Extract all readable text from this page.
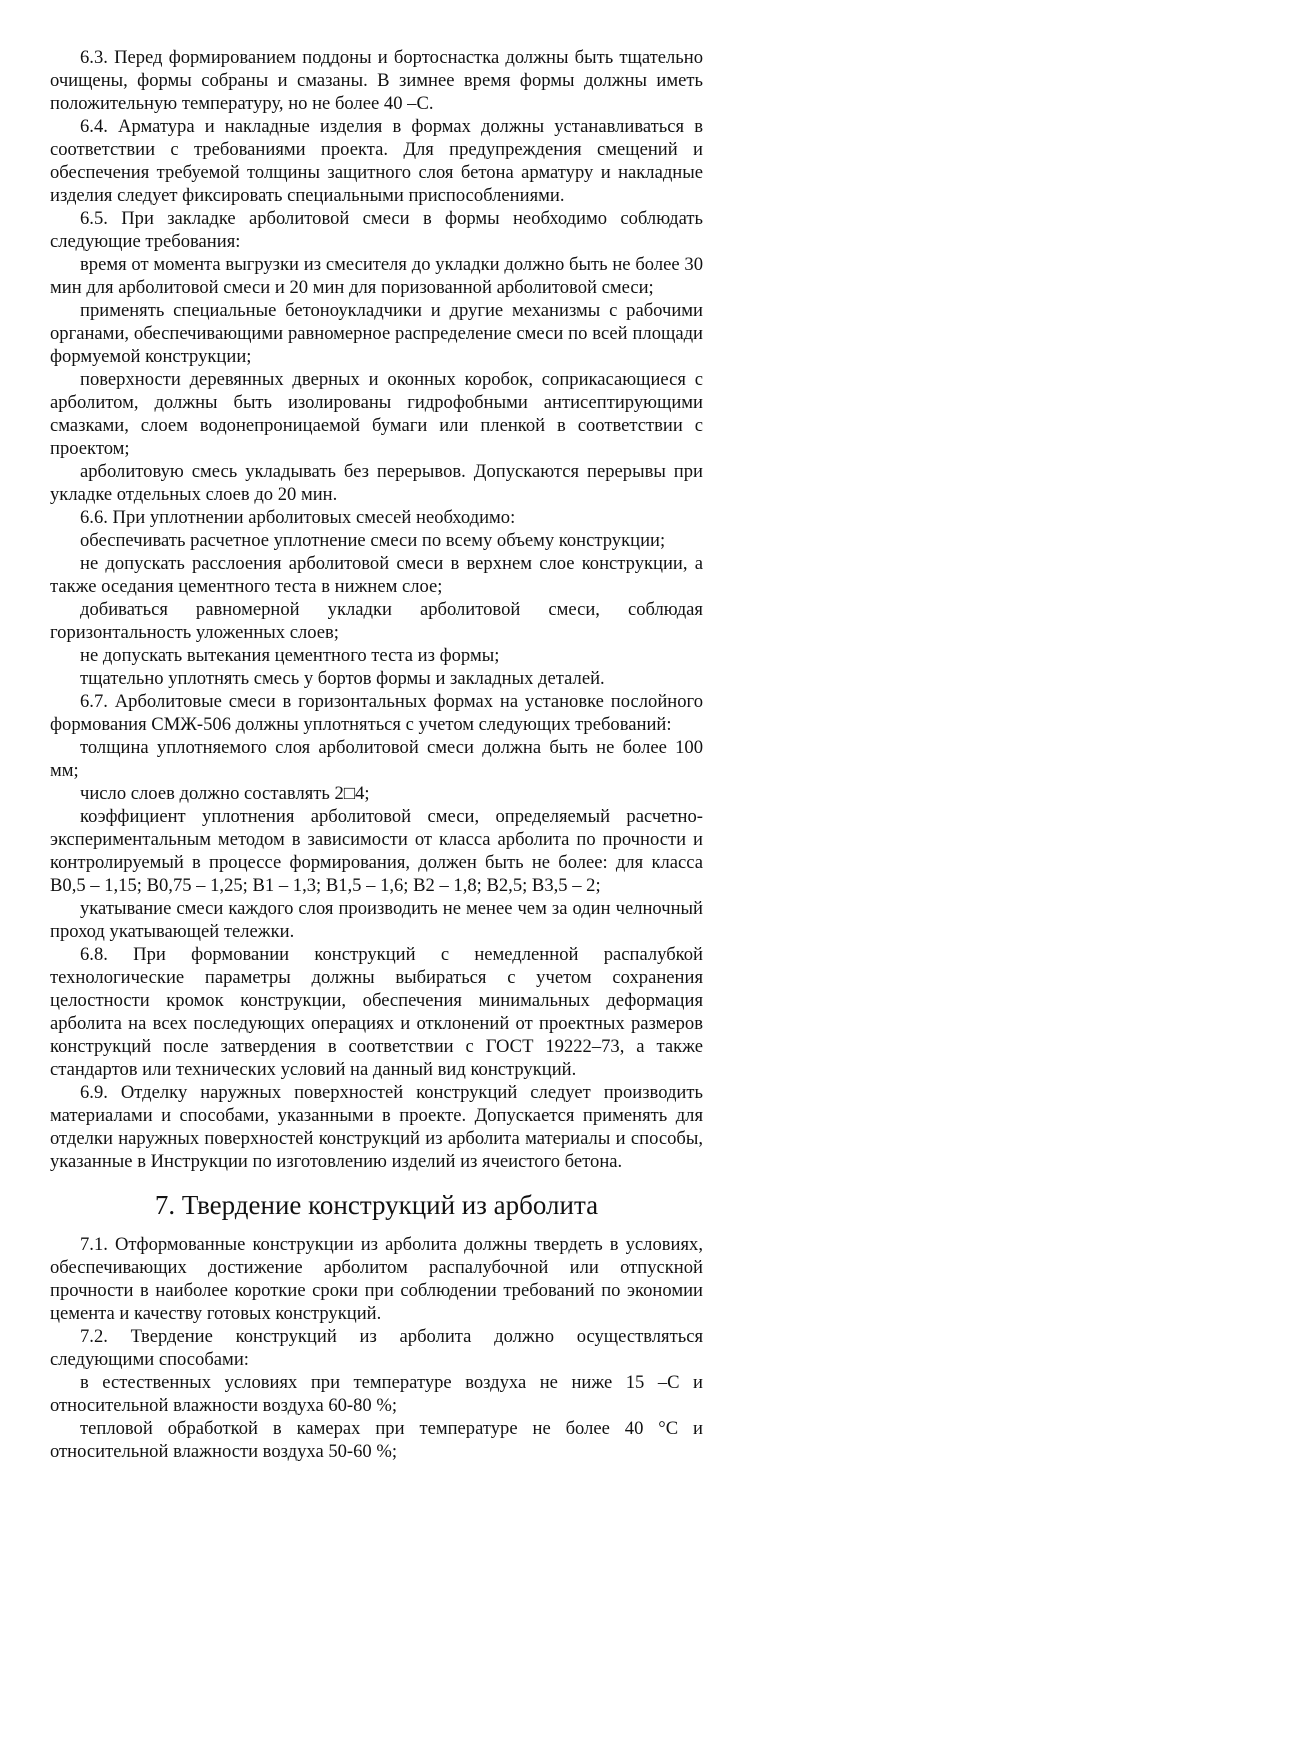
6.3. Перед формированием поддоны и бортоснастка должны быть тщательно очищены, формы собраны и смазаны. В зимнее время формы должны иметь положительную температуру, но не более 40 –С.

6.4. Арматура и накладные изделия в формах должны устанавливаться в соответствии с требованиями проекта. Для предупреждения смещений и обеспечения требуемой толщины защитного слоя бетона арматуру и накладные изделия следует фиксировать специальными приспособлениями.

6.5. При закладке арболитовой смеси в формы необходимо соблюдать следующие требования:

время от момента выгрузки из смесителя до укладки должно быть не более 30 мин для арболитовой смеси и 20 мин для поризованной арболитовой смеси;

применять специальные бетоноукладчики и другие механизмы с рабочими органами, обеспечивающими равномерное распределение смеси по всей площади формуемой конструкции;

поверхности деревянных дверных и оконных коробок, соприкасающиеся с арболитом, должны быть изолированы гидрофобными антисептирующими смазками, слоем водонепроницаемой бумаги или пленкой в соответствии с проектом;

арболитовую смесь укладывать без перерывов. Допускаются перерывы при укладке отдельных слоев до 20 мин.

6.6. При уплотнении арболитовых смесей необходимо:

обеспечивать расчетное уплотнение смеси по всему объему конструкции;

не допускать расслоения арболитовой смеси в верхнем слое конструкции, а также оседания цементного теста в нижнем слое;

добиваться равномерной укладки арболитовой смеси, соблюдая горизонтальность уложенных слоев;

не допускать вытекания цементного теста из формы;

тщательно уплотнять смесь у бортов формы и закладных деталей.

6.7. Арболитовые смеси в горизонтальных формах на установке послойного формования СМЖ-506 должны уплотняться с учетом следующих требований:

толщина уплотняемого слоя арболитовой смеси должна быть не более 100 мм;

число слоев должно составлять 2□4;

коэффициент уплотнения арболитовой смеси, определяемый расчетно-экспериментальным методом в зависимости от класса арболита по прочности и контролируемый в процессе формирования, должен быть не более: для класса В0,5 – 1,15; В0,75 – 1,25; В1 – 1,3; В1,5 – 1,6; В2 – 1,8; В2,5; В3,5 – 2;

укатывание смеси каждого слоя производить не менее чем за один челночный проход укатывающей тележки.

6.8. При формовании конструкций с немедленной распалубкой технологические параметры должны выбираться с учетом сохранения целостности кромок конструкции, обеспечения минимальных деформация арболита на всех последующих операциях и отклонений от проектных размеров конструкций после затвердения в соответствии с ГОСТ 19222–73, а также стандартов или технических условий на данный вид конструкций.

6.9. Отделку наружных поверхностей конструкций следует производить материалами и способами, указанными в проекте. Допускается применять для отделки наружных поверхностей конструкций из арболита материалы и способы, указанные в Инструкции по изготовлению изделий из ячеистого бетона.

7. Твердение конструкций из арболита

7.1. Отформованные конструкции из арболита должны твердеть в условиях, обеспечивающих достижение арболитом распалубочной или отпускной прочности в наиболее короткие сроки при соблюдении требований по экономии цемента и качеству готовых конструкций.

7.2. Твердение конструкций из арболита должно осуществляться следующими способами:

в естественных условиях при температуре воздуха не ниже 15 –С и относительной влажности воздуха 60-80 %;

тепловой обработкой в камерах при температуре не более 40 °С и относительной влажности воздуха 50-60 %;
